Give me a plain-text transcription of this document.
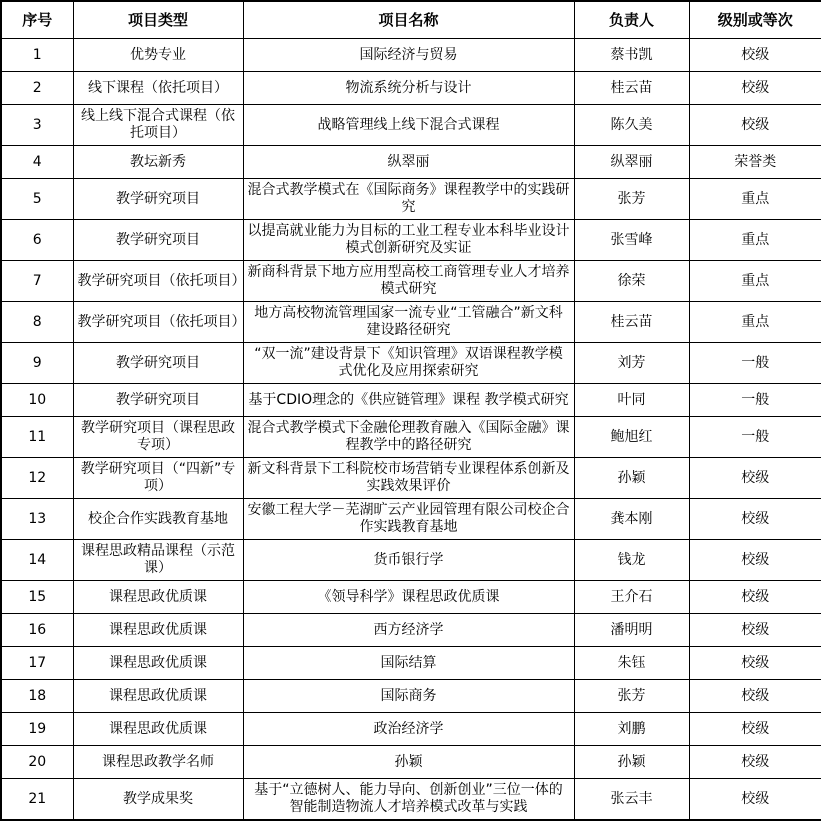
序号	项目类型	项目名称	负责人	级别或等次
1	优势专业	国际经济与贸易	蔡书凯	校级
2	线下课程（依托项目）	物流系统分析与设计	桂云苗	校级
3	线上线下混合式课程（依托项目）	战略管理线上线下混合式课程	陈久美	校级
4	教坛新秀	纵翠丽	纵翠丽	荣誉类
5	教学研究项目	混合式教学模式在《国际商务》课程教学中的实践研究	张芳	重点
6	教学研究项目	以提高就业能力为目标的工业工程专业本科毕业设计模式创新研究及实证	张雪峰	重点
7	教学研究项目（依托项目）	新商科背景下地方应用型高校工商管理专业人才培养模式研究	徐荣	重点
8	教学研究项目（依托项目）	地方高校物流管理国家一流专业“工管融合”新文科建设路径研究	桂云苗	重点
9	教学研究项目	“双一流”建设背景下《知识管理》双语课程教学模式优化及应用探索研究	刘芳	一般
10	教学研究项目	基于CDIO理念的《供应链管理》课程 教学模式研究	叶同	一般
11	教学研究项目（课程思政专项）	混合式教学模式下金融伦理教育融入《国际金融》课程教学中的路径研究	鲍旭红	一般
12	教学研究项目（“四新”专项）	新文科背景下工科院校市场营销专业课程体系创新及实践效果评价	孙颖	校级
13	校企合作实践教育基地	安徽工程大学－芜湖旷云产业园管理有限公司校企合作实践教育基地	龚本刚	校级
14	课程思政精品课程（示范课）	货币银行学	钱龙	校级
15	课程思政优质课	《领导科学》课程思政优质课	王介石	校级
16	课程思政优质课	西方经济学	潘明明	校级
17	课程思政优质课	国际结算	朱钰	校级
18	课程思政优质课	国际商务	张芳	校级
19	课程思政优质课	政治经济学	刘鹏	校级
20	课程思政教学名师	孙颖	孙颖	校级
21	教学成果奖	基于“立德树人、能力导向、创新创业”三位一体的智能制造物流人才培养模式改革与实践	张云丰	校级
